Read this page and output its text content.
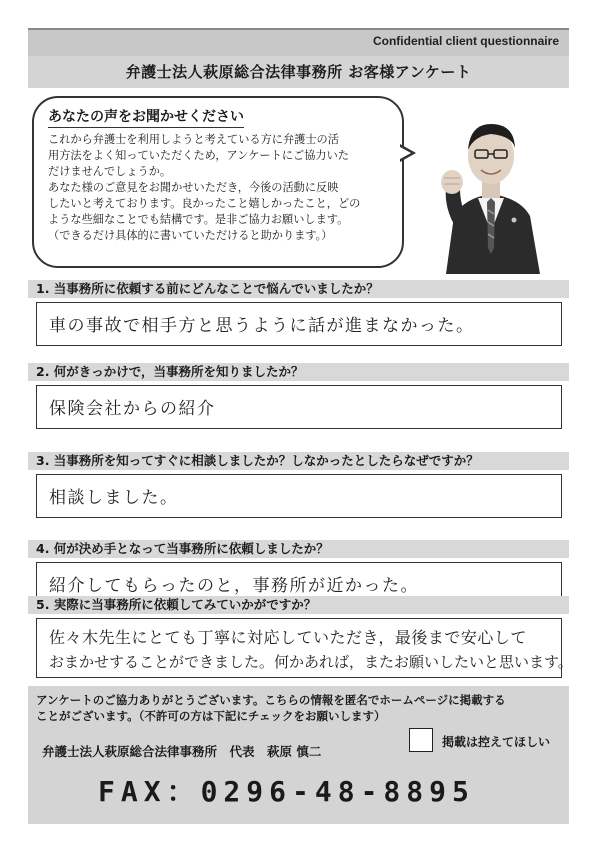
Confidential client questionnaire
弁護士法人萩原総合法律事務所 お客様アンケート
あなたの声をお聞かせください

これから弁護士を利用しようと考えている方に弁護士の活

用方法をよく知っていただくため，アンケートにご協力いた

だけませんでしょうか。

あなた様のご意見をお聞かせいただき，今後の活動に反映

したいと考えております。良かったこと嬉しかったこと，どの

ような些細なことでも結構です。是非ご協力お願いします。

（できるだけ具体的に書いていただけると助かります。）

1. 当事務所に依頼する前にどんなことで悩んでいましたか？
車の事故で相手方と思うように話が進まなかった。
2. 何がきっかけで，当事務所を知りましたか？
保険会社からの紹介
3. 当事務所を知ってすぐに相談しましたか？しなかったとしたらなぜですか？
相談しました。
4. 何が決め手となって当事務所に依頼しましたか？
紹介してもらったのと，事務所が近かった。
5. 実際に当事務所に依頼してみていかがですか？
佐々木先生にとても丁寧に対応していただき，最後まで安心して
おまかせすることができました。何かあれば，またお願いしたいと思います。
アンケートのご協力ありがとうございます。こちらの情報を匿名でホームページに掲載する
ことがございます。（不許可の方は下記にチェックをお願いします）
弁護士法人萩原総合法律事務所　代表　萩原 慎二
掲載は控えてほしい
FAX：0296-48-8895
